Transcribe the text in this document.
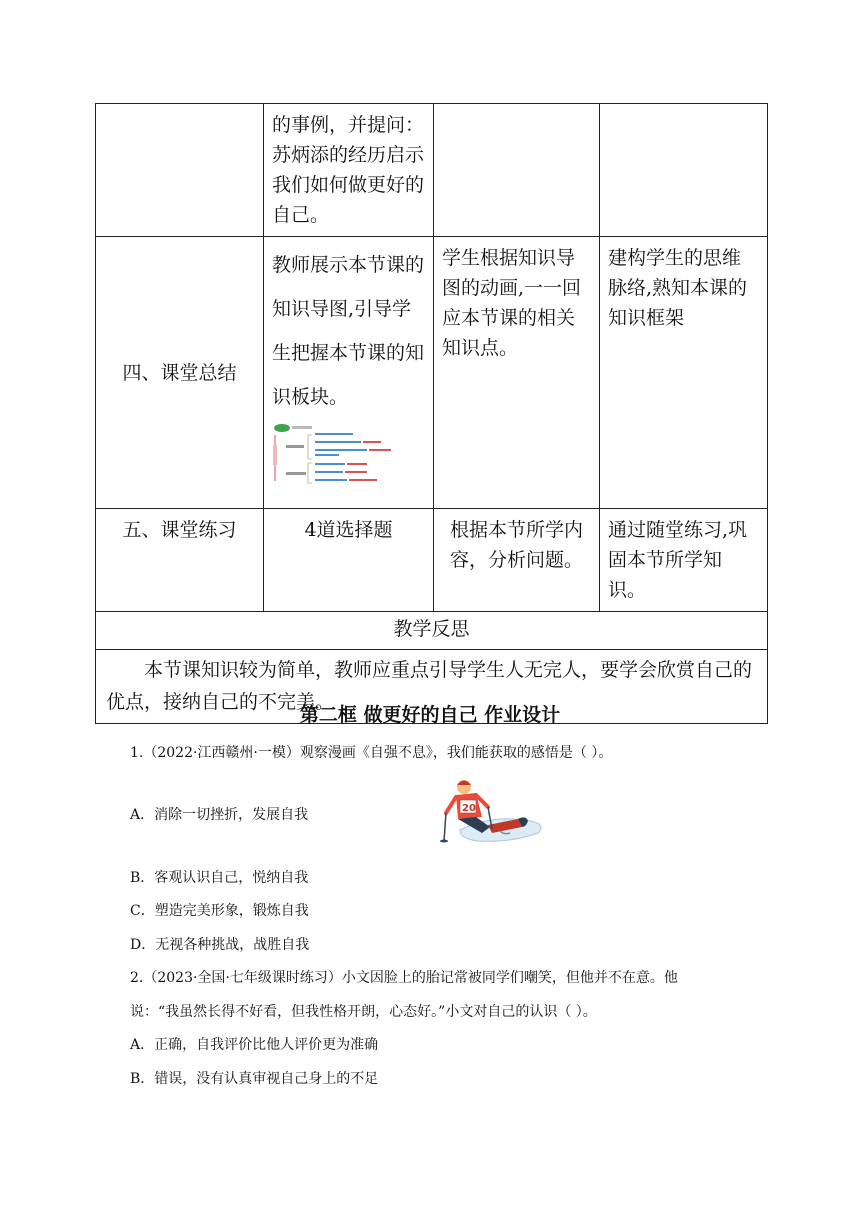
	的事例，并提问：苏炳添的经历启示我们如何做更好的自己。		
四、课堂总结	教师展示本节课的知识导图,引导学生把握本节课的知识板块。	学生根据知识导图的动画,一一回应本节课的相关知识点。	建构学生的思维脉络,熟知本课的知识框架
五、课堂练习	4道选择题	根据本节所学内容，分析问题。	通过随堂练习,巩固本节所学知识。
教学反思			
本节课知识较为简单，教师应重点引导学生人无完人，要学会欣赏自己的优点，接纳自己的不完美。			
第二框 做更好的自己 作业设计
1.（2022·江西赣州·一模）观察漫画《自强不息》，我们能获取的感悟是（ ）。
A．消除一切挫折，发展自我	20
B．客观认识自己，悦纳自我
C．塑造完美形象，锻炼自我
D．无视各种挑战，战胜自我
2.（2023·全国·七年级课时练习）小文因脸上的胎记常被同学们嘲笑，但他并不在意。他
说：“我虽然长得不好看，但我性格开朗，心态好。”小文对自己的认识（ ）。
A．正确，自我评价比他人评价更为准确
B．错误，没有认真审视自己身上的不足
